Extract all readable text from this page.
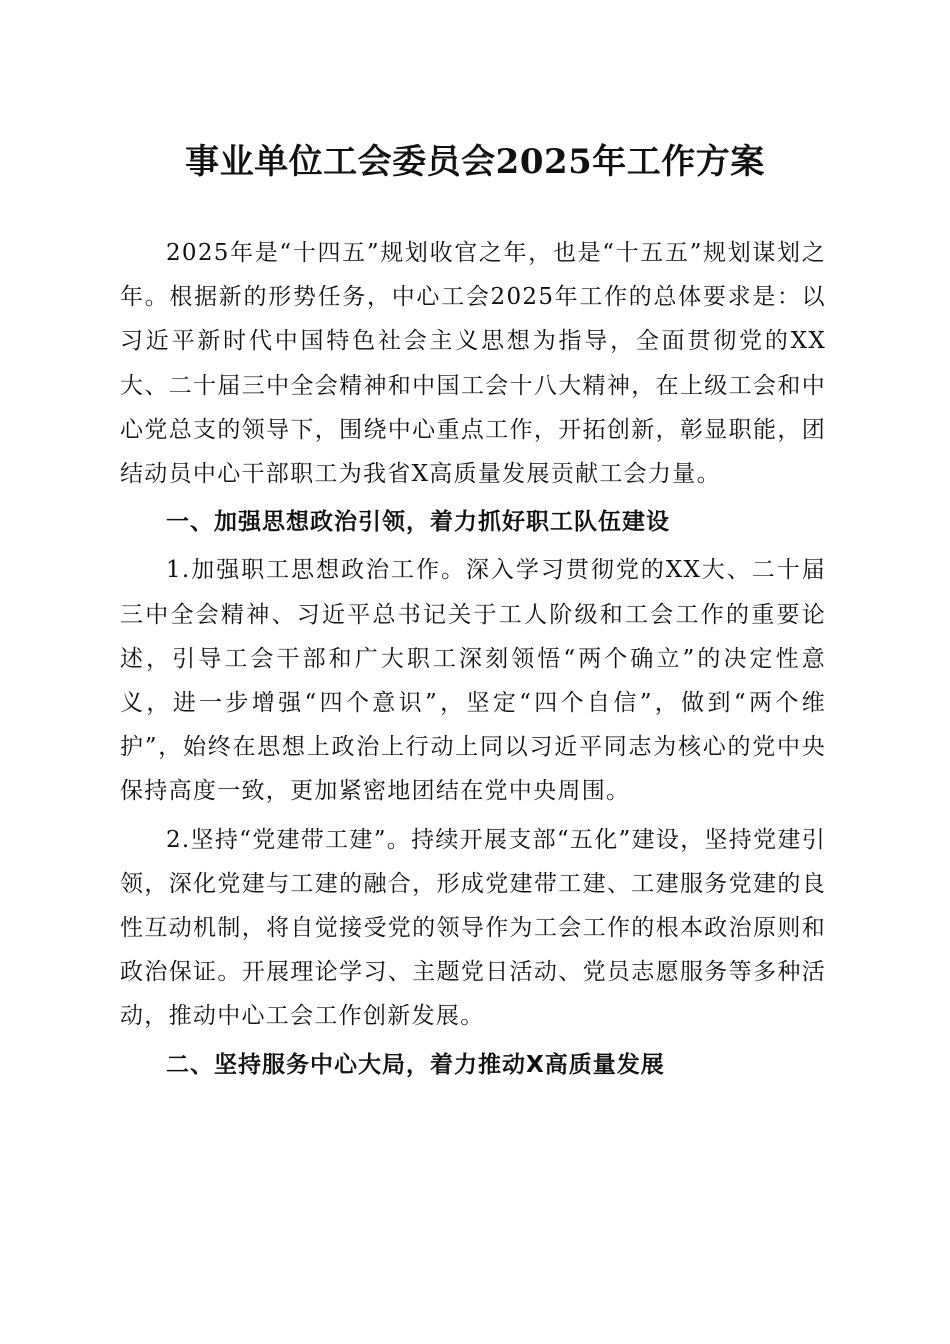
事业单位工会委员会2025年工作方案

2025年是“十四五”规划收官之年，也是“十五五”规划谋划之年。根据新的形势任务，中心工会2025年工作的总体要求是：以习近平新时代中国特色社会主义思想为指导，全面贯彻党的XX大、二十届三中全会精神和中国工会十八大精神，在上级工会和中心党总支的领导下，围绕中心重点工作，开拓创新，彰显职能，团结动员中心干部职工为我省X高质量发展贡献工会力量。

一、加强思想政治引领，着力抓好职工队伍建设

1.加强职工思想政治工作。深入学习贯彻党的XX大、二十届三中全会精神、习近平总书记关于工人阶级和工会工作的重要论述，引导工会干部和广大职工深刻领悟“两个确立”的决定性意义，进一步增强“四个意识”，坚定“四个自信”，做到“两个维护”，始终在思想上政治上行动上同以习近平同志为核心的党中央保持高度一致，更加紧密地团结在党中央周围。

2.坚持“党建带工建”。持续开展支部“五化”建设，坚持党建引领，深化党建与工建的融合，形成党建带工建、工建服务党建的良性互动机制，将自觉接受党的领导作为工会工作的根本政治原则和政治保证。开展理论学习、主题党日活动、党员志愿服务等多种活动，推动中心工会工作创新发展。

二、坚持服务中心大局，着力推动X高质量发展
